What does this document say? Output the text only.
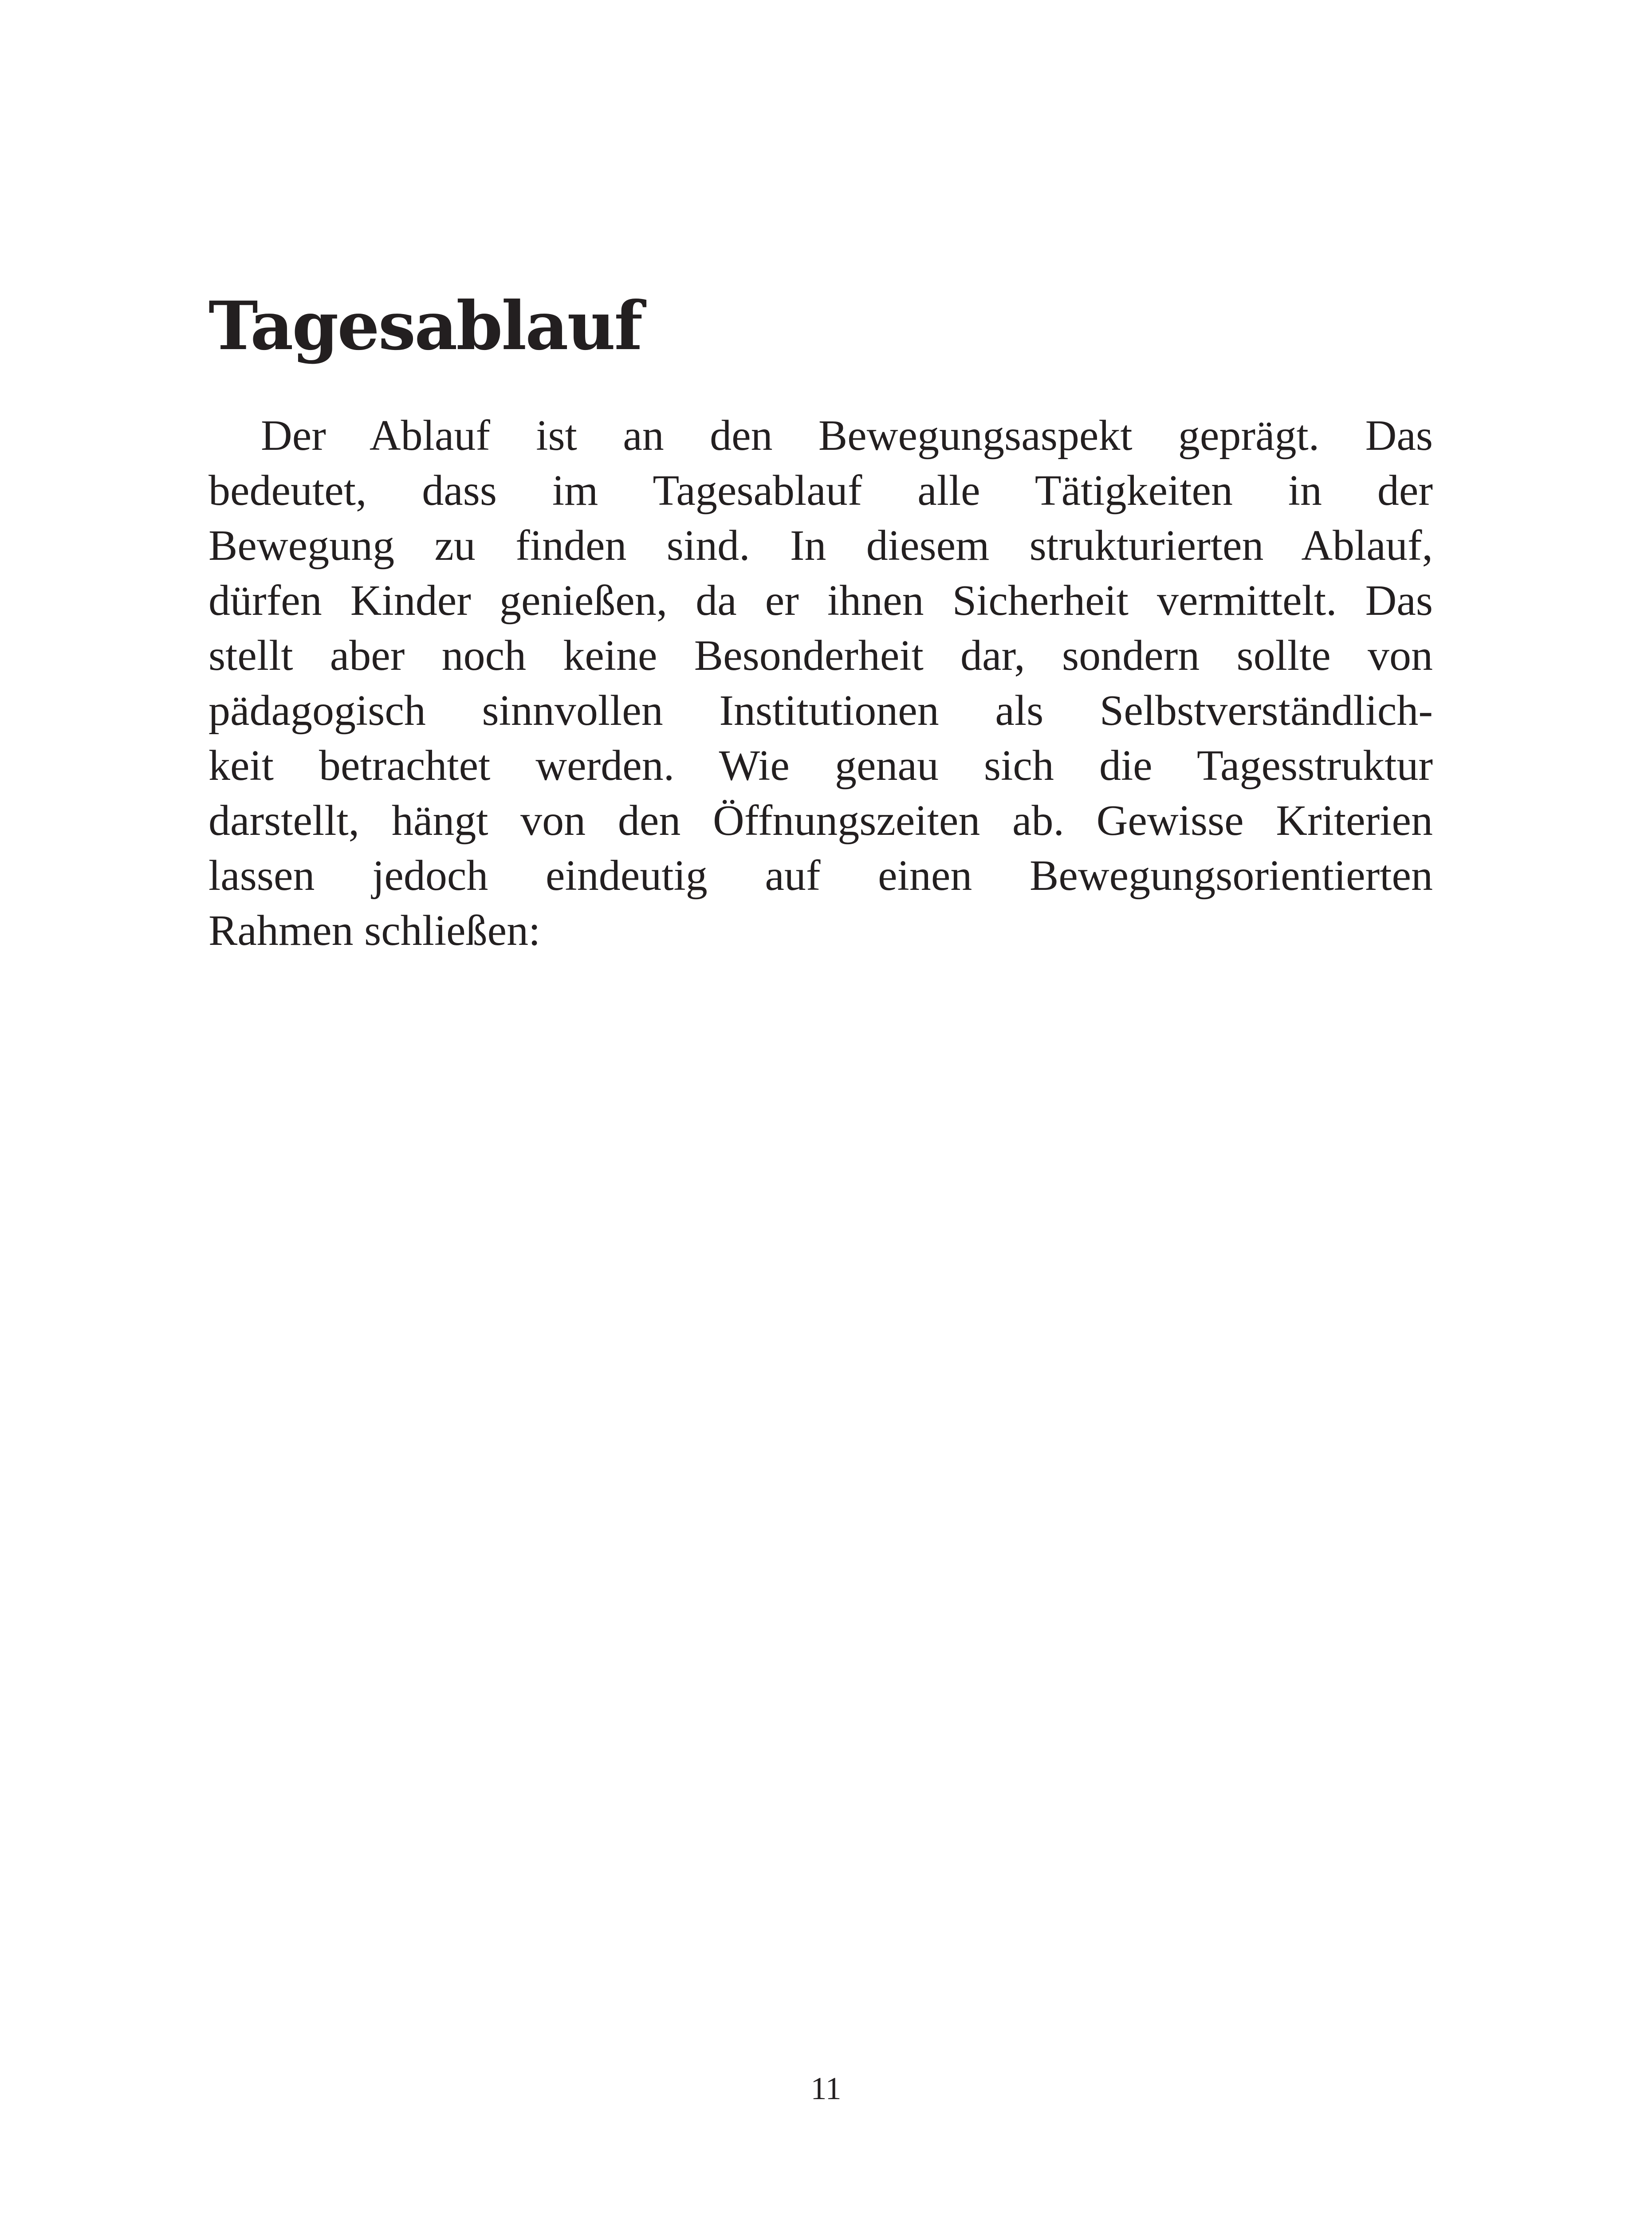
Tagesablauf
Der Ablauf ist an den Bewegungsaspekt geprägt. Das
bedeutet, dass im Tagesablauf alle Tätigkeiten in der
Bewegung zu finden sind. In diesem strukturierten Ablauf,
dürfen Kinder genießen, da er ihnen Sicherheit vermittelt. Das
stellt aber noch keine Besonderheit dar, sondern sollte von
pädagogisch sinnvollen Institutionen als Selbstverständlich-
keit betrachtet werden. Wie genau sich die Tagesstruktur
darstellt, hängt von den Öffnungszeiten ab. Gewisse Kriterien
lassen jedoch eindeutig auf einen Bewegungsorientierten
Rahmen schließen:
11
